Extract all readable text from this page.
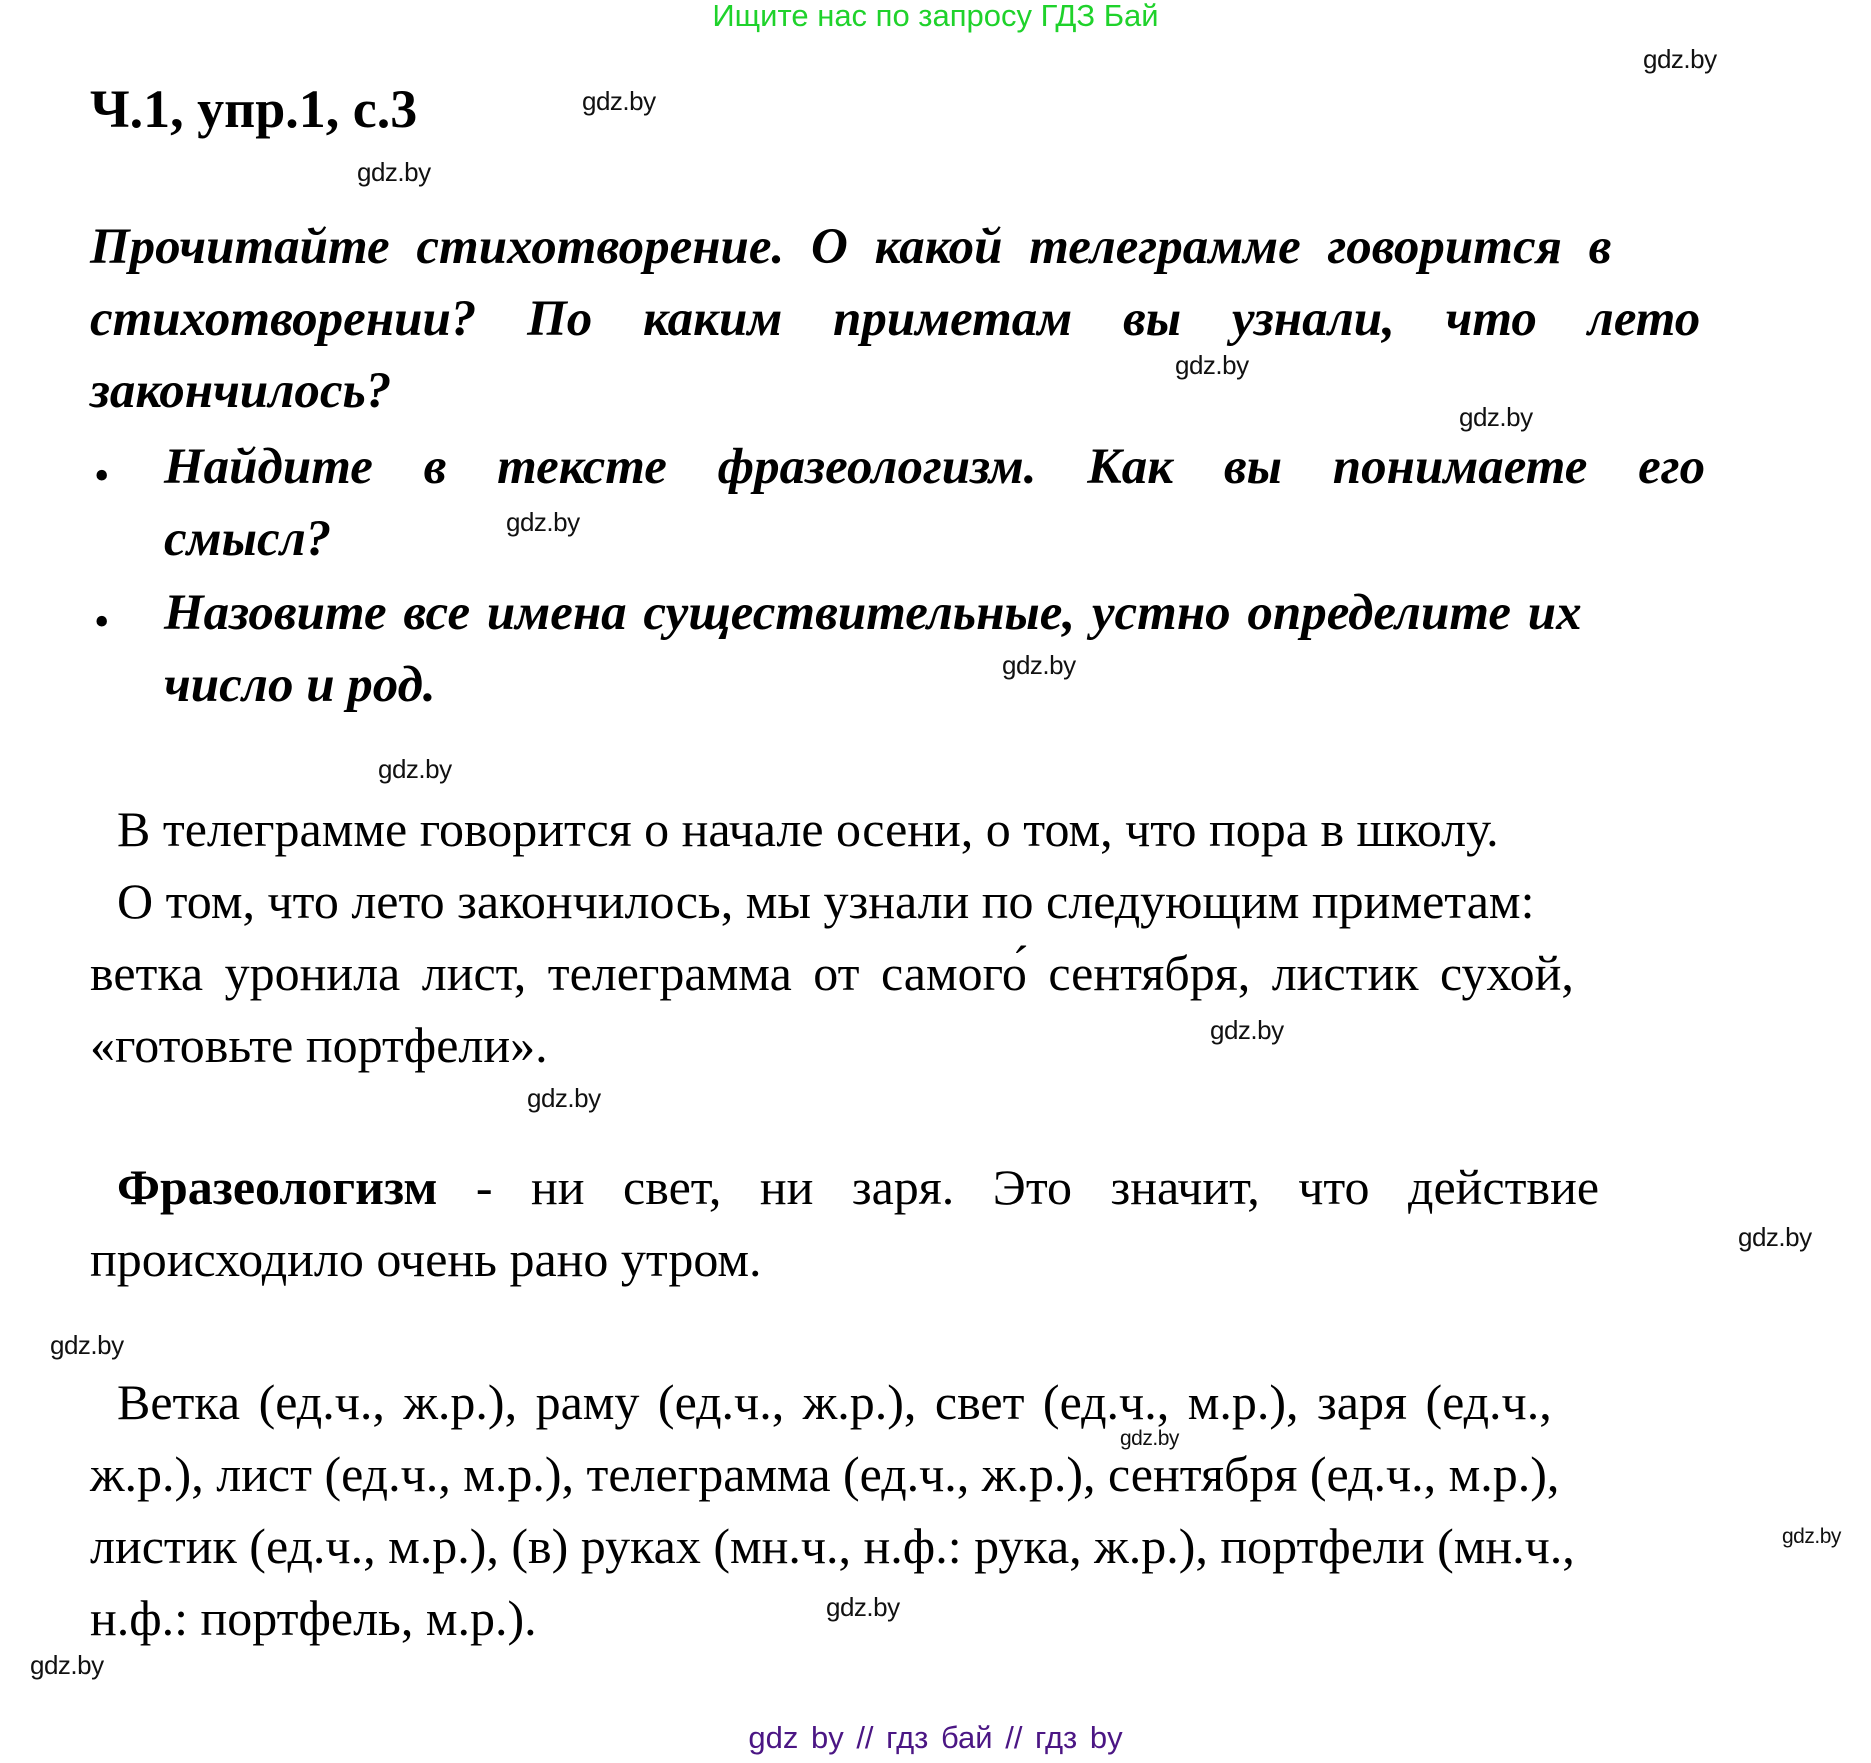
Ищите нас по запросу ГДЗ Бай
Ч.1, упр.1, с.3
gdz.by
gdz.by
gdz.by
gdz.by
gdz.by
gdz.by
gdz.by
gdz.by
gdz.by
gdz.by
gdz.by
gdz.by
gdz.by
gdz.by
gdz.by
gdz.by
Прочитайте стихотворение. О какой телеграмме говорится в
стихотворении? По каким приметам вы узнали, что лето
закончилось?
• Найдите в тексте фразеологизм. Как вы понимаете его
смысл?
• Назовите все имена существительные, устно определите их
число и род.
В телеграмме говорится о начале осени, о том, что пора в школу.
О том, что лето закончилось, мы узнали по следующим приметам:
ветка уронила лист, телеграмма от самого́ сентября, листик сухой,
«готовьте портфели».
Фразеологизм - ни свет, ни заря. Это значит, что действие
происходило очень рано утром.
Ветка (ед.ч., ж.р.), раму (ед.ч., ж.р.), свет (ед.ч., м.р.), заря (ед.ч.,
ж.р.), лист (ед.ч., м.р.), телеграмма (ед.ч., ж.р.), сентября (ед.ч., м.р.),
листик (ед.ч., м.р.), (в) руках (мн.ч., н.ф.: рука, ж.р.), портфели (мн.ч.,
н.ф.: портфель, м.р.).
gdz by // гдз бай // гдз by
